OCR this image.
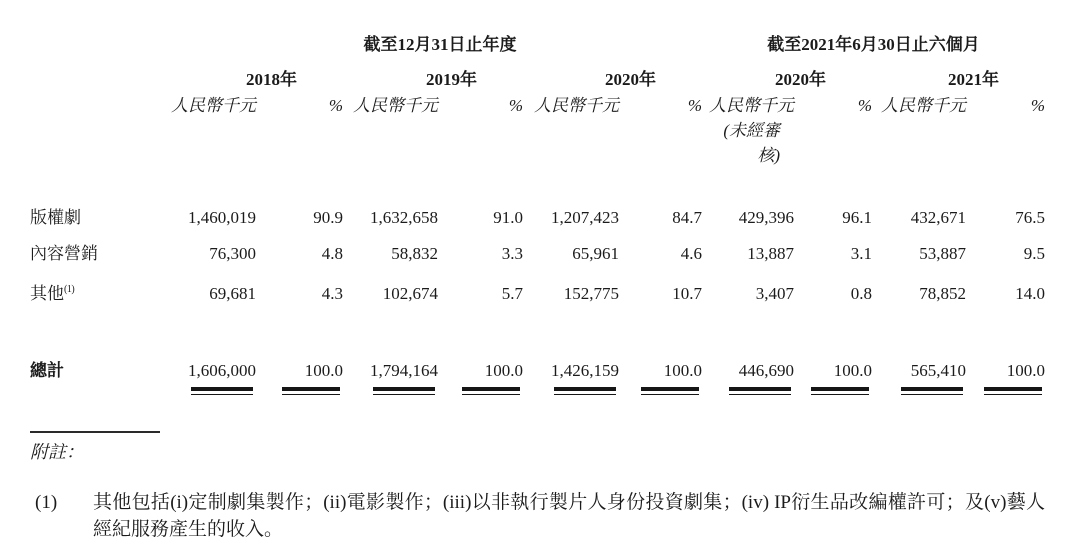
截至12月31日止年度	截至2021年6月30日止六個月
2018年	2019年	2020年	2020年	2021年
人民幣千元	% 人民幣千元	% 人民幣千元	% 人民幣千元	% 人民幣千元	%
(未經審核)
版權劇	1,460,019	90.9	1,632,658	91.0	1,207,423	84.7	429,396	96.1	432,671	76.5
內容營銷	76,300	4.8	58,832	3.3	65,961	4.6	13,887	3.1	53,887	9.5
其他$^{(1)}$	69,681	4.3	102,674	5.7	152,775	10.7	3,407	0.8	78,852	14.0
總計	1,606,000	100.0	1,794,164	100.0	1,426,159	100.0	446,690	100.0	565,410	100.0
附註：
(1)	其他包括(i)定制劇集製作；(ii)電影製作；(iii)以非執行製片人身份投資劇集；(iv) IP衍生品改編權許可；及(v)藝人經紀服務產生的收入。
